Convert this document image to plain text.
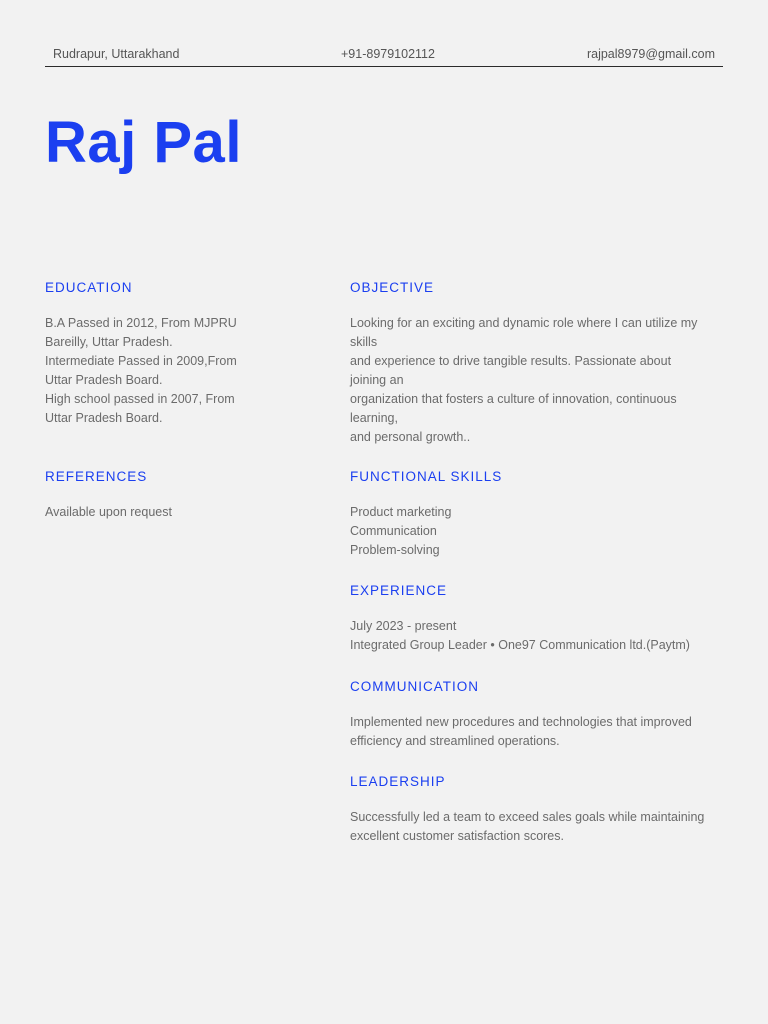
Rudrapur, Uttarakhand	+91-8979102112	rajpal8979@gmail.com
Raj Pal
EDUCATION
B.A Passed in 2012, From MJPRU
Bareilly, Uttar Pradesh.
Intermediate Passed in 2009,From
Uttar Pradesh Board.
High school passed in 2007, From
Uttar Pradesh Board.
REFERENCES
Available upon request
OBJECTIVE
Looking for an exciting and dynamic role where I can utilize my
skills
and experience to drive tangible results. Passionate about
joining an
organization that fosters a culture of innovation, continuous
learning,
and personal growth..
FUNCTIONAL SKILLS
Product marketing
Communication
Problem-solving
EXPERIENCE
July 2023 - present
Integrated Group Leader • One97 Communication ltd.(Paytm)
COMMUNICATION
Implemented new procedures and technologies that improved
efficiency and streamlined operations.
LEADERSHIP
Successfully led a team to exceed sales goals while maintaining
excellent customer satisfaction scores.
